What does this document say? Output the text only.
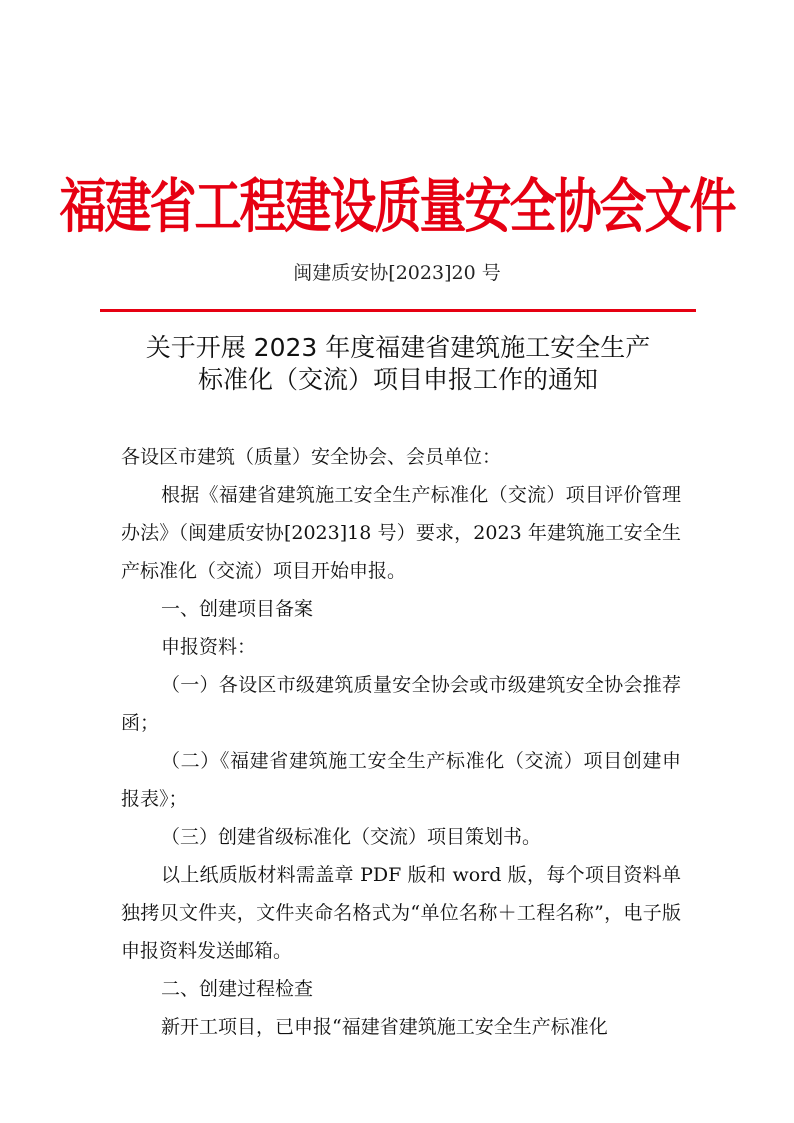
福建省工程建设质量安全协会文件
闽建质安协[2023]20 号
关于开展 2023 年度福建省建筑施工安全生产
标准化（交流）项目申报工作的通知

各设区市建筑（质量）安全协会、会员单位：

根据《福建省建筑施工安全生产标准化（交流）项目评价管理办法》（闽建质安协[2023]18 号）要求，2023 年建筑施工安全生产标准化（交流）项目开始申报。

一、创建项目备案

申报资料：

（一）各设区市级建筑质量安全协会或市级建筑安全协会推荐函；

（二）《福建省建筑施工安全生产标准化（交流）项目创建申报表》；

（三）创建省级标准化（交流）项目策划书。

以上纸质版材料需盖章 PDF 版和 word 版，每个项目资料单独拷贝文件夹，文件夹命名格式为“单位名称＋工程名称”，电子版申报资料发送邮箱。

二、创建过程检查

新开工项目，已申报“福建省建筑施工安全生产标准化
